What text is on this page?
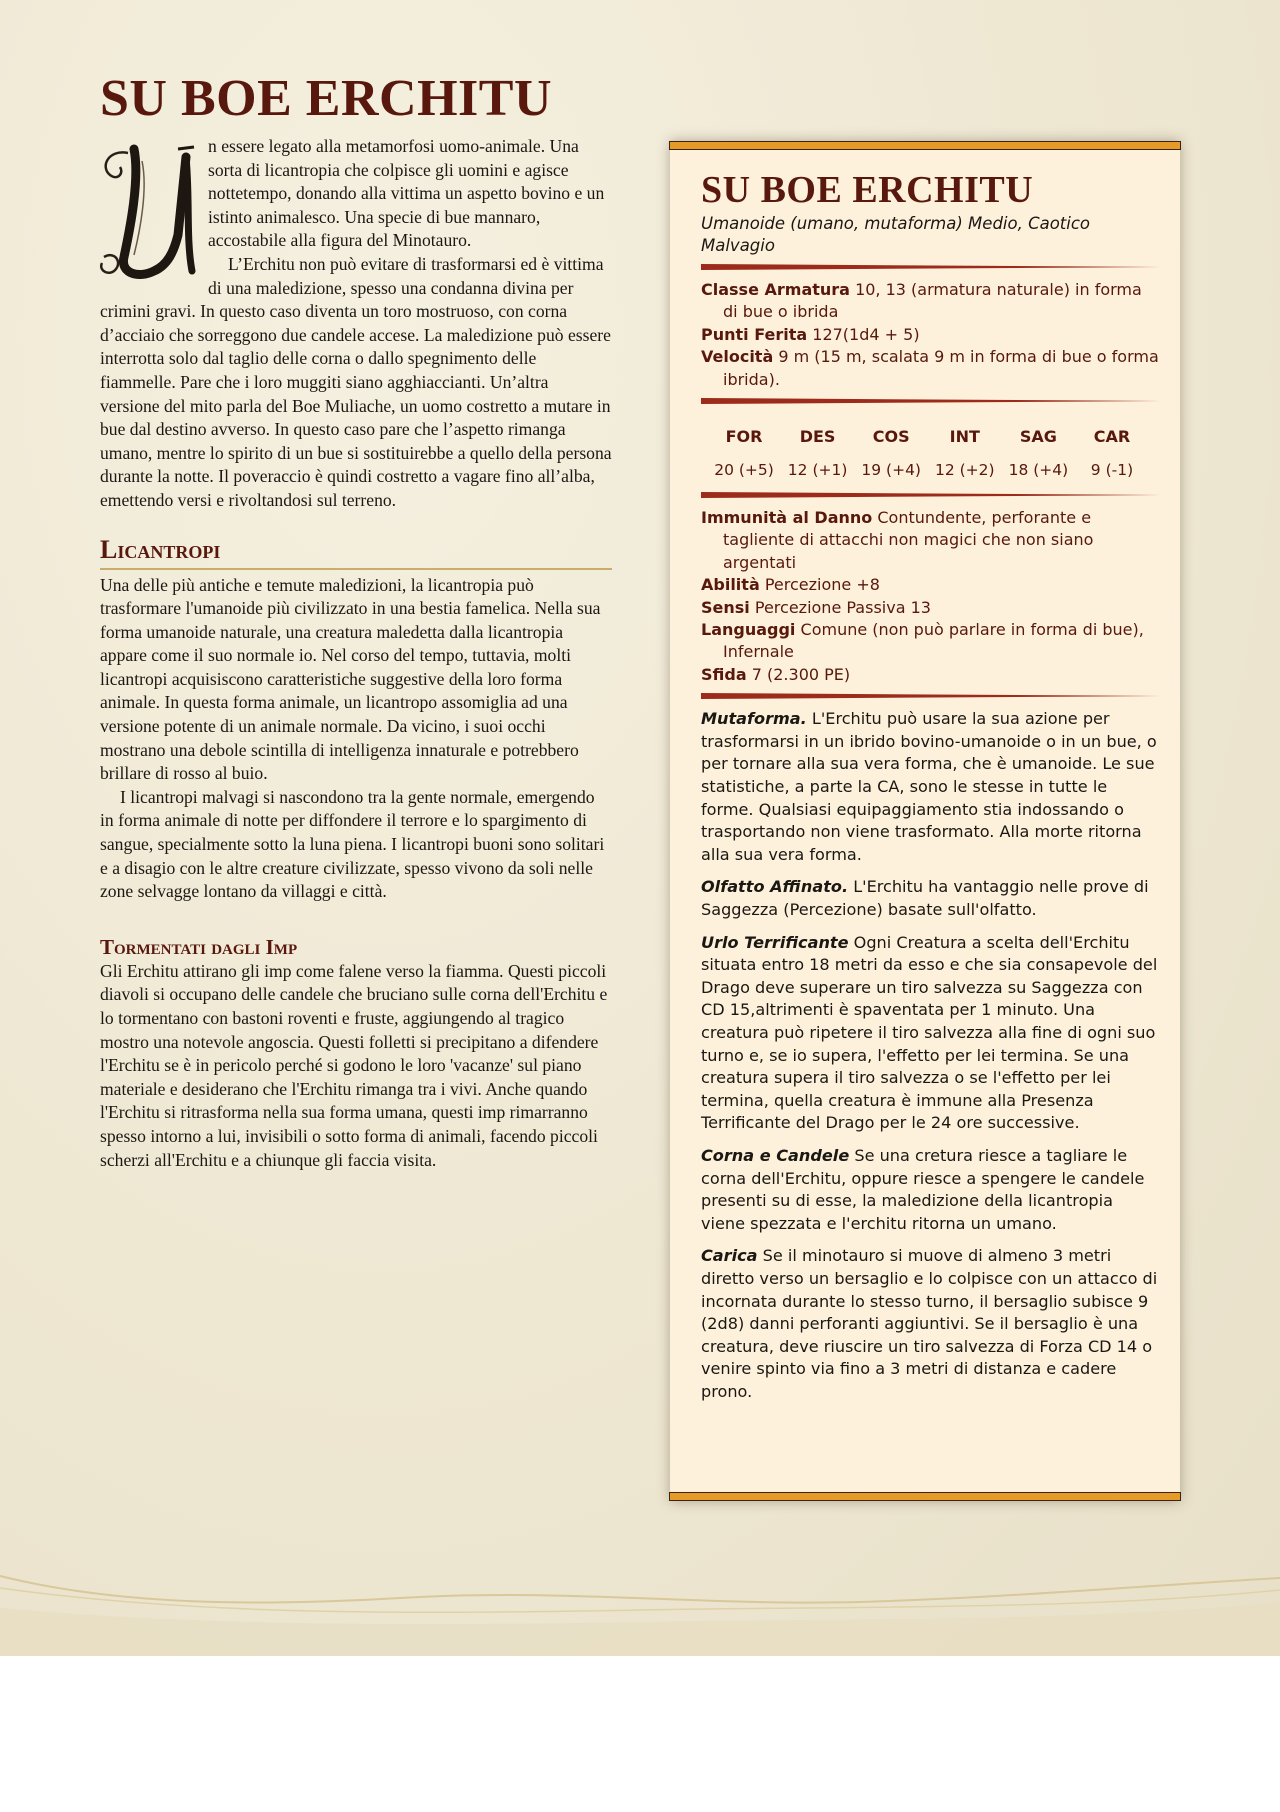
SU BOE ERCHITU

n essere legato alla metamorfosi uomo-animale. Una sorta di licantropia che colpisce gli uomini e agisce nottetempo, donando alla vittima un aspetto bovino e un istinto animalesco. Una specie di bue mannaro, accostabile alla figura del Minotauro.

L’Erchitu non può evitare di trasformarsi ed è vittima di una maledizione, spesso una condanna divina per crimini gravi. In questo caso diventa un toro mostruoso, con corna d’acciaio che sorreggono due candele accese. La maledizione può essere interrotta solo dal taglio delle corna o dallo spegnimento delle fiammelle. Pare che i loro muggiti siano agghiaccianti. Un’altra versione del mito parla del Boe Muliache, un uomo costretto a mutare in bue dal destino avverso. In questo caso pare che l’aspetto rimanga umano, mentre lo spirito di un bue si sostituirebbe a quello della persona durante la notte. Il poveraccio è quindi costretto a vagare fino all’alba, emettendo versi e rivoltandosi sul terreno.

Licantropi

Una delle più antiche e temute maledizioni, la licantropia può trasformare l'umanoide più civilizzato in una bestia famelica. Nella sua forma umanoide naturale, una creatura maledetta dalla licantropia appare come il suo normale io. Nel corso del tempo, tuttavia, molti licantropi acquisiscono caratteristiche suggestive della loro forma animale. In questa forma animale, un licantropo assomiglia ad una versione potente di un animale normale. Da vicino, i suoi occhi mostrano una debole scintilla di intelligenza innaturale e potrebbero brillare di rosso al buio.

I licantropi malvagi si nascondono tra la gente normale, emergendo in forma animale di notte per diffondere il terrore e lo spargimento di sangue, specialmente sotto la luna piena. I licantropi buoni sono solitari e a disagio con le altre creature civilizzate, spesso vivono da soli nelle zone selvagge lontano da villaggi e città.

Tormentati dagli Imp

Gli Erchitu attirano gli imp come falene verso la fiamma. Questi piccoli diavoli si occupano delle candele che bruciano sulle corna dell'Erchitu e lo tormentano con bastoni roventi e fruste, aggiungendo al tragico mostro una notevole angoscia. Questi folletti si precipitano a difendere l'Erchitu se è in pericolo perché si godono le loro 'vacanze' sul piano materiale e desiderano che l'Erchitu rimanga tra i vivi. Anche quando l'Erchitu si ritrasforma nella sua forma umana, questi imp rimarranno spesso intorno a lui, invisibili o sotto forma di animali, facendo piccoli scherzi all'Erchitu e a chiunque gli faccia visita.

SU BOE ERCHITU

Umanoide (umano, mutaforma) Medio, Caotico Malvagio

Classe Armatura 10, 13 (armatura naturale) in forma di bue o ibrida

Punti Ferita 127(1d4 + 5)

Velocità 9 m (15 m, scalata 9 m in forma di bue o forma ibrida).

FOR
20 (+5)
DES
12 (+1)
COS
19 (+4)
INT
12 (+2)
SAG
18 (+4)
CAR
9 (-1)

Immunità al Danno Contundente, perforante e tagliente di attacchi non magici che non siano argentati

Abilità Percezione +8

Sensi Percezione Passiva 13

Languaggi Comune (non può parlare in forma di bue), Infernale

Sfida 7 (2.300 PE)

Mutaforma. L'Erchitu può usare la sua azione per trasformarsi in un ibrido bovino-umanoide o in un bue, o per tornare alla sua vera forma, che è umanoide. Le sue statistiche, a parte la CA, sono le stesse in tutte le forme. Qualsiasi equipaggiamento stia indossando o trasportando non viene trasformato. Alla morte ritorna alla sua vera forma.

Olfatto Affinato. L'Erchitu ha vantaggio nelle prove di Saggezza (Percezione) basate sull'olfatto.

Urlo Terrificante Ogni Creatura a scelta dell'Erchitu situata entro 18 metri da esso e che sia consapevole del Drago deve superare un tiro salvezza su Saggezza con CD 15,altrimenti è spaventata per 1 minuto. Una creatura può ripetere il tiro salvezza alla fine di ogni suo turno e, se io supera, l'effetto per lei termina. Se una creatura supera il tiro salvezza o se l'effetto per lei termina, quella creatura è immune alla Presenza Terrificante del Drago per le 24 ore successive.

Corna e Candele Se una cretura riesce a tagliare le corna dell'Erchitu, oppure riesce a spengere le candele presenti su di esse, la maledizione della licantropia viene spezzata e l'erchitu ritorna un umano.

Carica Se il minotauro si muove di almeno 3 metri diretto verso un bersaglio e lo colpisce con un attacco di incornata durante lo stesso turno, il bersaglio subisce 9 (2d8) danni perforanti aggiuntivi. Se il bersaglio è una creatura, deve riuscire un tiro salvezza di Forza CD 14 o venire spinto via fino a 3 metri di distanza e cadere prono.
